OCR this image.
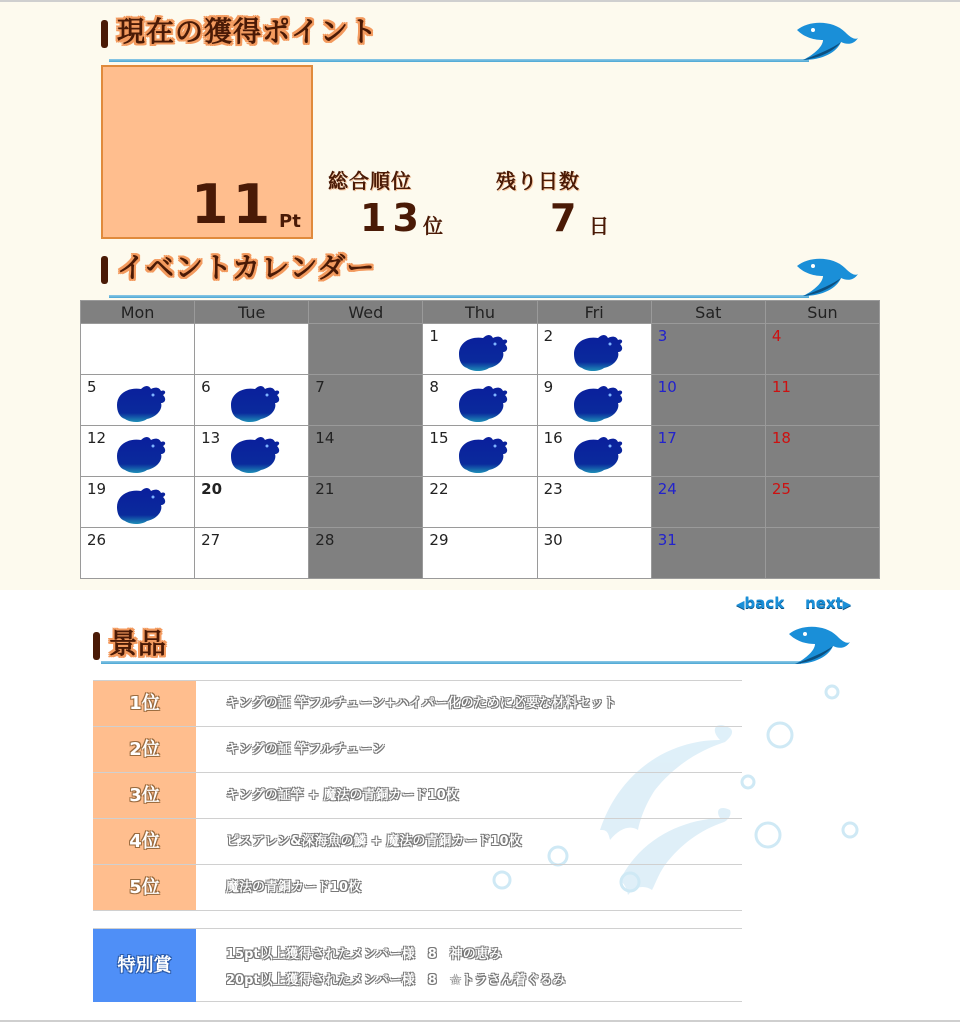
現在の獲得ポイント
11 Pt
総合順位
13
位
残り日数
7 日
イベントカレンダー
Mon	Tue	Wed	Thu	Fri	Sat	Sun
			1	2	3	4
5	6	7	8	9	10	11
12	13	14	15	16	17	18
19	20	21	22	23	24	25
26	27	28	29	30	31	
◀back next▶
景品
1位	キングの証 竿フルチューン+ハイパー化のために必要な材料セット
2位	キングの証 竿フルチューン
3位	キングの証竿 + 魔法の青銅カード10枚
4位	ピスアレン&深海魚の鱗 + 魔法の青銅カード10枚
5位	魔法の青銅カード10枚
特別賞
15pt以上獲得されたメンバー様　8　神の恵み
20pt以上獲得されたメンバー様　8　☆トラさん着ぐるみ
